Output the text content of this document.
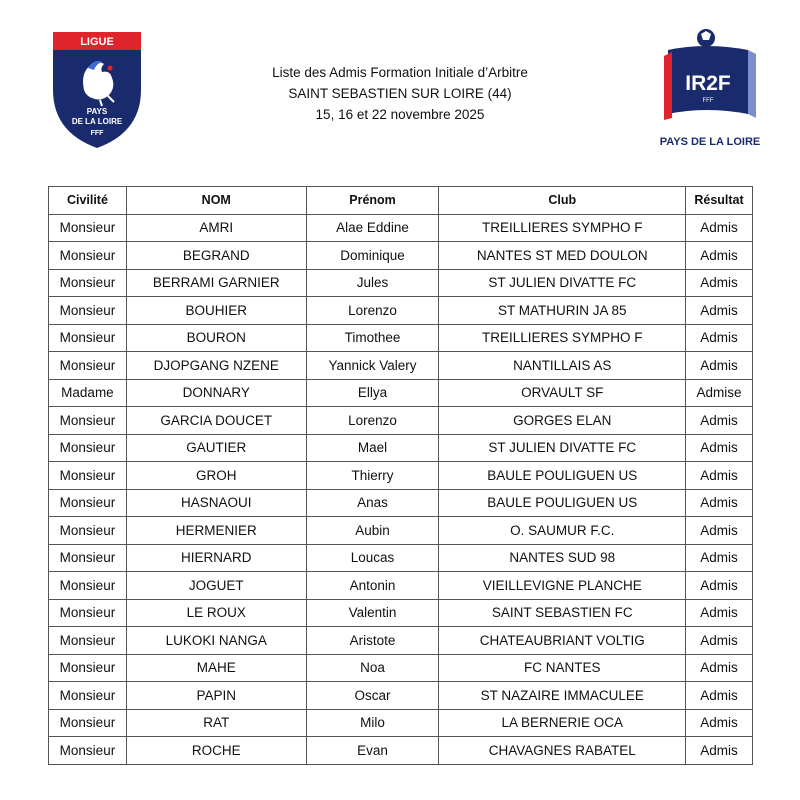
LIGUE
PAYS
DE LA LOIRE
FFF
Liste des Admis Formation Initiale d’Arbitre
SAINT SEBASTIEN SUR LOIRE (44)
15, 16 et 22 novembre 2025
IR2F
FFF
PAYS DE LA LOIRE
Civilité	NOM	Prénom	Club	Résultat
Monsieur	AMRI	Alae Eddine	TREILLIERES SYMPHO F	Admis
Monsieur	BEGRAND	Dominique	NANTES ST MED DOULON	Admis
Monsieur	BERRAMI GARNIER	Jules	ST JULIEN DIVATTE FC	Admis
Monsieur	BOUHIER	Lorenzo	ST MATHURIN JA 85	Admis
Monsieur	BOURON	Timothee	TREILLIERES SYMPHO F	Admis
Monsieur	DJOPGANG NZENE	Yannick Valery	NANTILLAIS AS	Admis
Madame	DONNARY	Ellya	ORVAULT SF	Admise
Monsieur	GARCIA DOUCET	Lorenzo	GORGES ELAN	Admis
Monsieur	GAUTIER	Mael	ST JULIEN DIVATTE FC	Admis
Monsieur	GROH	Thierry	BAULE POULIGUEN US	Admis
Monsieur	HASNAOUI	Anas	BAULE POULIGUEN US	Admis
Monsieur	HERMENIER	Aubin	O. SAUMUR F.C.	Admis
Monsieur	HIERNARD	Loucas	NANTES SUD 98	Admis
Monsieur	JOGUET	Antonin	VIEILLEVIGNE PLANCHE	Admis
Monsieur	LE ROUX	Valentin	SAINT SEBASTIEN FC	Admis
Monsieur	LUKOKI NANGA	Aristote	CHATEAUBRIANT VOLTIG	Admis
Monsieur	MAHE	Noa	FC NANTES	Admis
Monsieur	PAPIN	Oscar	ST NAZAIRE IMMACULEE	Admis
Monsieur	RAT	Milo	LA BERNERIE OCA	Admis
Monsieur	ROCHE	Evan	CHAVAGNES RABATEL	Admis
